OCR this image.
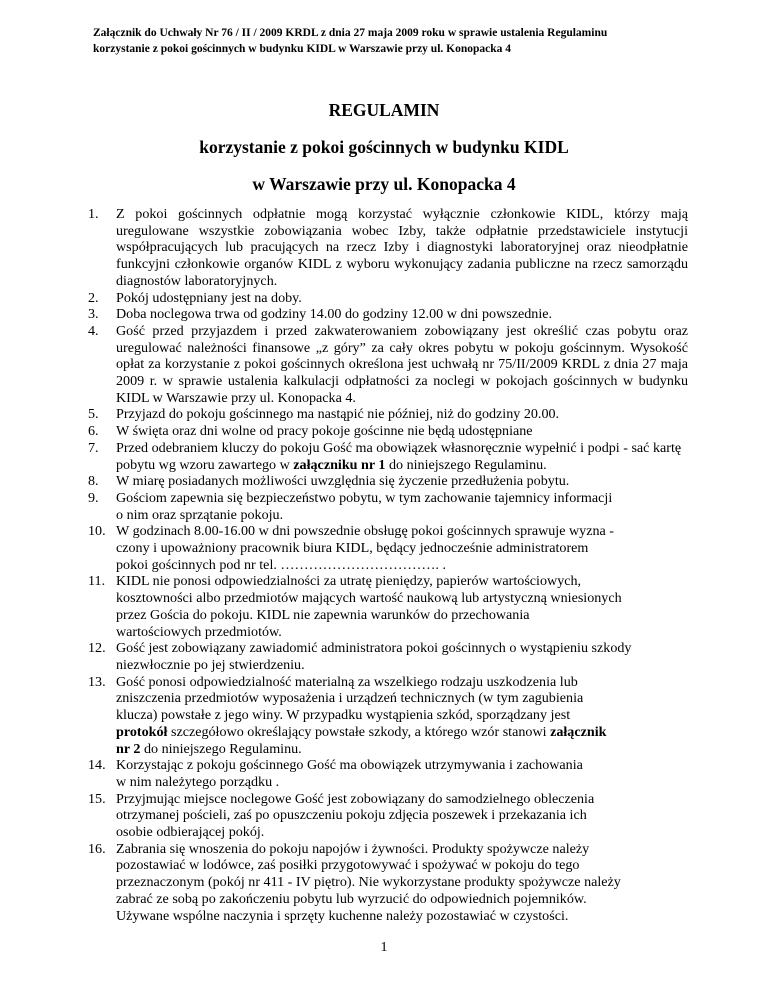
Załącznik do Uchwały Nr 76 / II / 2009 KRDL z dnia 27 maja 2009 roku w sprawie ustalenia Regulaminu
korzystanie z pokoi gościnnych w budynku KIDL w Warszawie przy ul. Konopacka 4
REGULAMIN
korzystanie z pokoi gościnnych w budynku KIDL
w Warszawie przy ul. Konopacka 4
1. Z pokoi gościnnych odpłatnie mogą korzystać wyłącznie członkowie KIDL, którzy mają uregulowane wszystkie zobowiązania wobec Izby, także odpłatnie przedstawiciele instytucji współpracujących lub pracujących na rzecz Izby i diagnostyki laboratoryjnej oraz nieodpłatnie funkcyjni członkowie organów KIDL z wyboru wykonujący zadania publiczne na rzecz samorządu diagnostów laboratoryjnych.
2. Pokój udostępniany jest na doby.
3. Doba noclegowa trwa od godziny 14.00 do godziny 12.00 w dni powszednie.
4. Gość przed przyjazdem i przed zakwaterowaniem zobowiązany jest określić czas pobytu oraz uregulować należności finansowe „z góry” za cały okres pobytu w pokoju gościnnym. Wysokość opłat za korzystanie z pokoi gościnnych określona jest uchwałą nr 75/II/2009 KRDL z dnia 27 maja 2009 r. w sprawie ustalenia kalkulacji odpłatności za noclegi w pokojach gościnnych w budynku KIDL w Warszawie przy ul. Konopacka 4.
5. Przyjazd do pokoju gościnnego ma nastąpić nie później, niż do godziny 20.00.
6. W święta oraz dni wolne od pracy pokoje gościnne nie będą udostępniane
7. Przed odebraniem kluczy do pokoju Gość ma obowiązek własnoręcznie wypełnić i podpi - sać kartę pobytu wg wzoru zawartego w załączniku nr 1 do niniejszego Regulaminu.
8. W miarę posiadanych możliwości uwzględnia się życzenie przedłużenia pobytu.
9. Gościom zapewnia się bezpieczeństwo pobytu, w tym zachowanie tajemnicy informacji
o nim oraz sprzątanie pokoju.
10. W godzinach 8.00-16.00 w dni powszednie obsługę pokoi gościnnych sprawuje wyzna -
czony i upoważniony pracownik biura KIDL, będący jednocześnie administratorem
pokoi gościnnych pod nr tel. ……………………………. .
11. KIDL nie ponosi odpowiedzialności za utratę pieniędzy, papierów wartościowych,
kosztowności albo przedmiotów mających wartość naukową lub artystyczną wniesionych
przez Gościa do pokoju. KIDL nie zapewnia warunków do przechowania
wartościowych przedmiotów.
12. Gość jest zobowiązany zawiadomić administratora pokoi gościnnych o wystąpieniu szkody
niezwłocznie po jej stwierdzeniu.
13. Gość ponosi odpowiedzialność materialną za wszelkiego rodzaju uszkodzenia lub
zniszczenia przedmiotów wyposażenia i urządzeń technicznych (w tym zagubienia
klucza) powstałe z jego winy. W przypadku wystąpienia szkód, sporządzany jest
protokół szczegółowo określający powstałe szkody, a którego wzór stanowi załącznik
nr 2 do niniejszego Regulaminu.
14. Korzystając z pokoju gościnnego Gość ma obowiązek utrzymywania i zachowania
w nim należytego porządku .
15. Przyjmując miejsce noclegowe Gość jest zobowiązany do samodzielnego obleczenia
otrzymanej pościeli, zaś po opuszczeniu pokoju zdjęcia poszewek i przekazania ich
osobie odbierającej pokój.
16. Zabrania się wnoszenia do pokoju napojów i żywności. Produkty spożywcze należy
pozostawiać w lodówce, zaś posiłki przygotowywać i spożywać w pokoju do tego
przeznaczonym (pokój nr 411 - IV piętro). Nie wykorzystane produkty spożywcze należy
zabrać ze sobą po zakończeniu pobytu lub wyrzucić do odpowiednich pojemników.
Używane wspólne naczynia i sprzęty kuchenne należy pozostawiać w czystości.
1
